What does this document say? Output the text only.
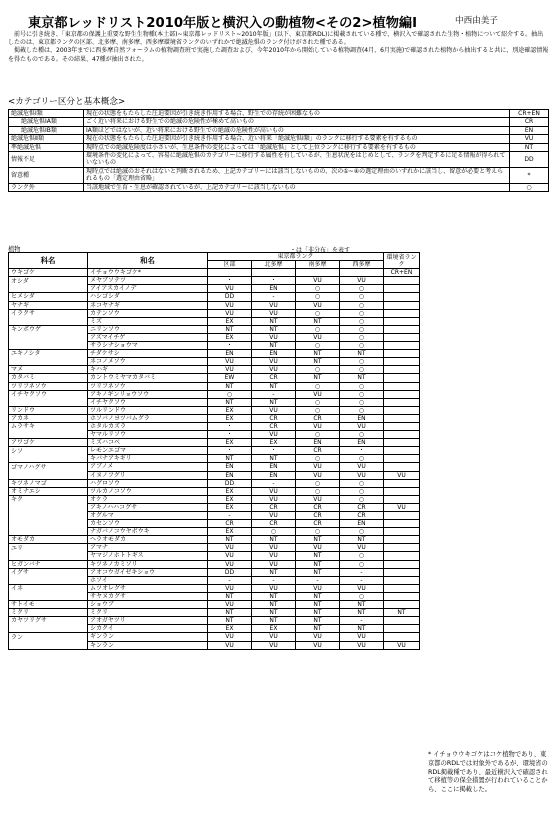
東京都レッドリスト2010年版と横沢入の動植物<その2>植物編Ⅰ	中西由美子
　前号に引き続き、「東京都の保護上重要な野生生物種(本土部)~東京都レッドリスト~2010年版」(以下、東京都RDL)に掲載されている種で、横沢入で確認された生物・植物について紹介する。抽出したのは、東京都ランクの区部、北多摩、南多摩、西多摩環境省ランクのいずれかで絶滅危惧のランク付けがされた種である。
　掲載した種は、2003年までに西多摩自然フォーラムの植物調査班で実施した調査および、今年2010年から開始している植物調査(4月、6月実施)で確認された植物から抽出すると共に、別途確認情報を得たものである。その結果、47種が抽出された。
<カテゴリー区分と基本概念>
絶滅危惧Ⅰ類	現在の状態をもたらした圧迫要因が引き続き作用する場合、野生での存続が困難なもの	CR+EN
絶滅危惧ⅠA類	ごく近い将来における野生での絶滅の危険性が極めて高いもの	CR
絶滅危惧ⅠB類	ⅠA類ほどではないが、近い将来における野生での絶滅の危険性が高いもの	EN
絶滅危惧Ⅱ類	現在の状態をもたらした圧迫要因が引き続き作用する場合、近い将来「絶滅危惧Ⅰ類」のランクに移行する要素を有するもの	VU
準絶滅危惧	現時点での絶滅危険度は小さいが、生息条件の変化によっては「絶滅危惧」として上位ランクに移行する要素を有するもの	NT
情報不足	環境条件の変化によって、容易に絶滅危惧のカテゴリーに移行する属性を有しているが、生息状況をはじめとして、ランクを判定するに足る情報が得られていないもの	DD
留意種	現時点では絶滅のおそれはないと判断されるため、上記カテゴリーには該当しないものの、次の①~④の選定理由のいずれかに該当し、留意が必要と考えられるもの「選定理由省略」	*
ランク外	当該地域で生育・生息が確認されているが、上記カテゴリーに該当しないもの	○
植物	・は「非分布」を表す
科名	和名	東京都ランク				環境省ランク
		区部	北多摩	南多摩	西多摩	
ウキゴケ	イチョウウキゴケ*					CR+EN
オシダ	メヤブソテツ	・	・	VU	VU	
	アイアスカイノデ	VU	EN	○	○	
ヒメシダ	ハシゴシダ	DD	-	○	○	
ヤナギ	ネコヤナギ	VU	VU	VU	○	
イラクサ	カテンソウ	VU	VU	○	○	
	ミズ	EX	NT	NT	○	
キンポウゲ	ニリンソウ	NT	NT	○	○	
	アズマイチゲ	EX	VU	VU	○	
	サラシナショウマ	・	NT	○	○	
ユキノシタ	チダケサシ	EN	EN	NT	NT	
	ネコノメソウ	VU	VU	NT	○	
マメ	キハギ	VU	VU	○	○	
カタバミ	カントウミヤマカタバミ	EW	CR	NT	NT	
ツリフネソウ	ツリフネソウ	NT	NT	○	○	
イチヤクソウ	アキノギンリョウソウ	○	-	VU	○	
	イチヤクソウ	NT	NT	○	○	
リンドウ	ツルリンドウ	EX	VU	○	○	
アカネ	ホソバノヨツバムグラ	EX	CR	CR	EN	
ムラサキ	ホタルカズラ	・	CR	VU	VU	
	ヤマルリソウ	・	VU	○	○	
アワゴケ	ミズハコベ	EX	EX	EN	EN	
シソ	レモンエゴマ	・	・	CR	・	
	キバナアキギリ	NT	NT	○	○	
ゴマノハグサ	アブノメ	EN	EN	VU	VU	
	イヌノフグリ	EN	EN	VU	VU	VU
キツネノマゴ	ハグロソウ	DD	-	○	○	
オミナエシ	ツルカノコソウ	EX	VU	○	○	
キク	オケラ	EX	VU	VU	○	
	アキノハハコグサ	EX	CR	CR	CR	VU
	オグルマ	-	VU	CR	CR	
	カセンソウ	CR	CR	CR	EN	
	ナガバノコウヤボウキ	EX	○	○	○	
オモダカ	ヘラオモダカ	NT	NT	NT	NT	
ユリ	アマナ	VU	VU	VU	VU	
	ヤマジノホトトギス	VU	VU	NT	○	
ヒガンバナ	キツネノカミソリ	VU	VU	NT	○	
イグサ	アオコウガイゼキショウ	DD	NT	NT	-	
	ホソイ	-	-	-	-	
イネ	ムツオレグサ	VU	VU	VU	VU	
	サヤヌカグサ	NT	NT	NT	○	
サトイモ	ショウブ	VU	NT	NT	NT	
ミクリ	ミクリ	NT	NT	NT	NT	NT
カヤツリグサ	アオガヤツリ	NT	NT	NT	-	
	シカクイ	EX	EX	NT	NT	
ラン	ギンラン	VU	VU	VU	VU	
	キンラン	VU	VU	VU	VU	VU
* イチョウウキゴケはコケ植物であり、東京都のRDLでは対象外であるが、環境省のRDL掲載種であり、最近横沢入で確認されて移植等の保全措置が行われていることから、ここに掲載した。
